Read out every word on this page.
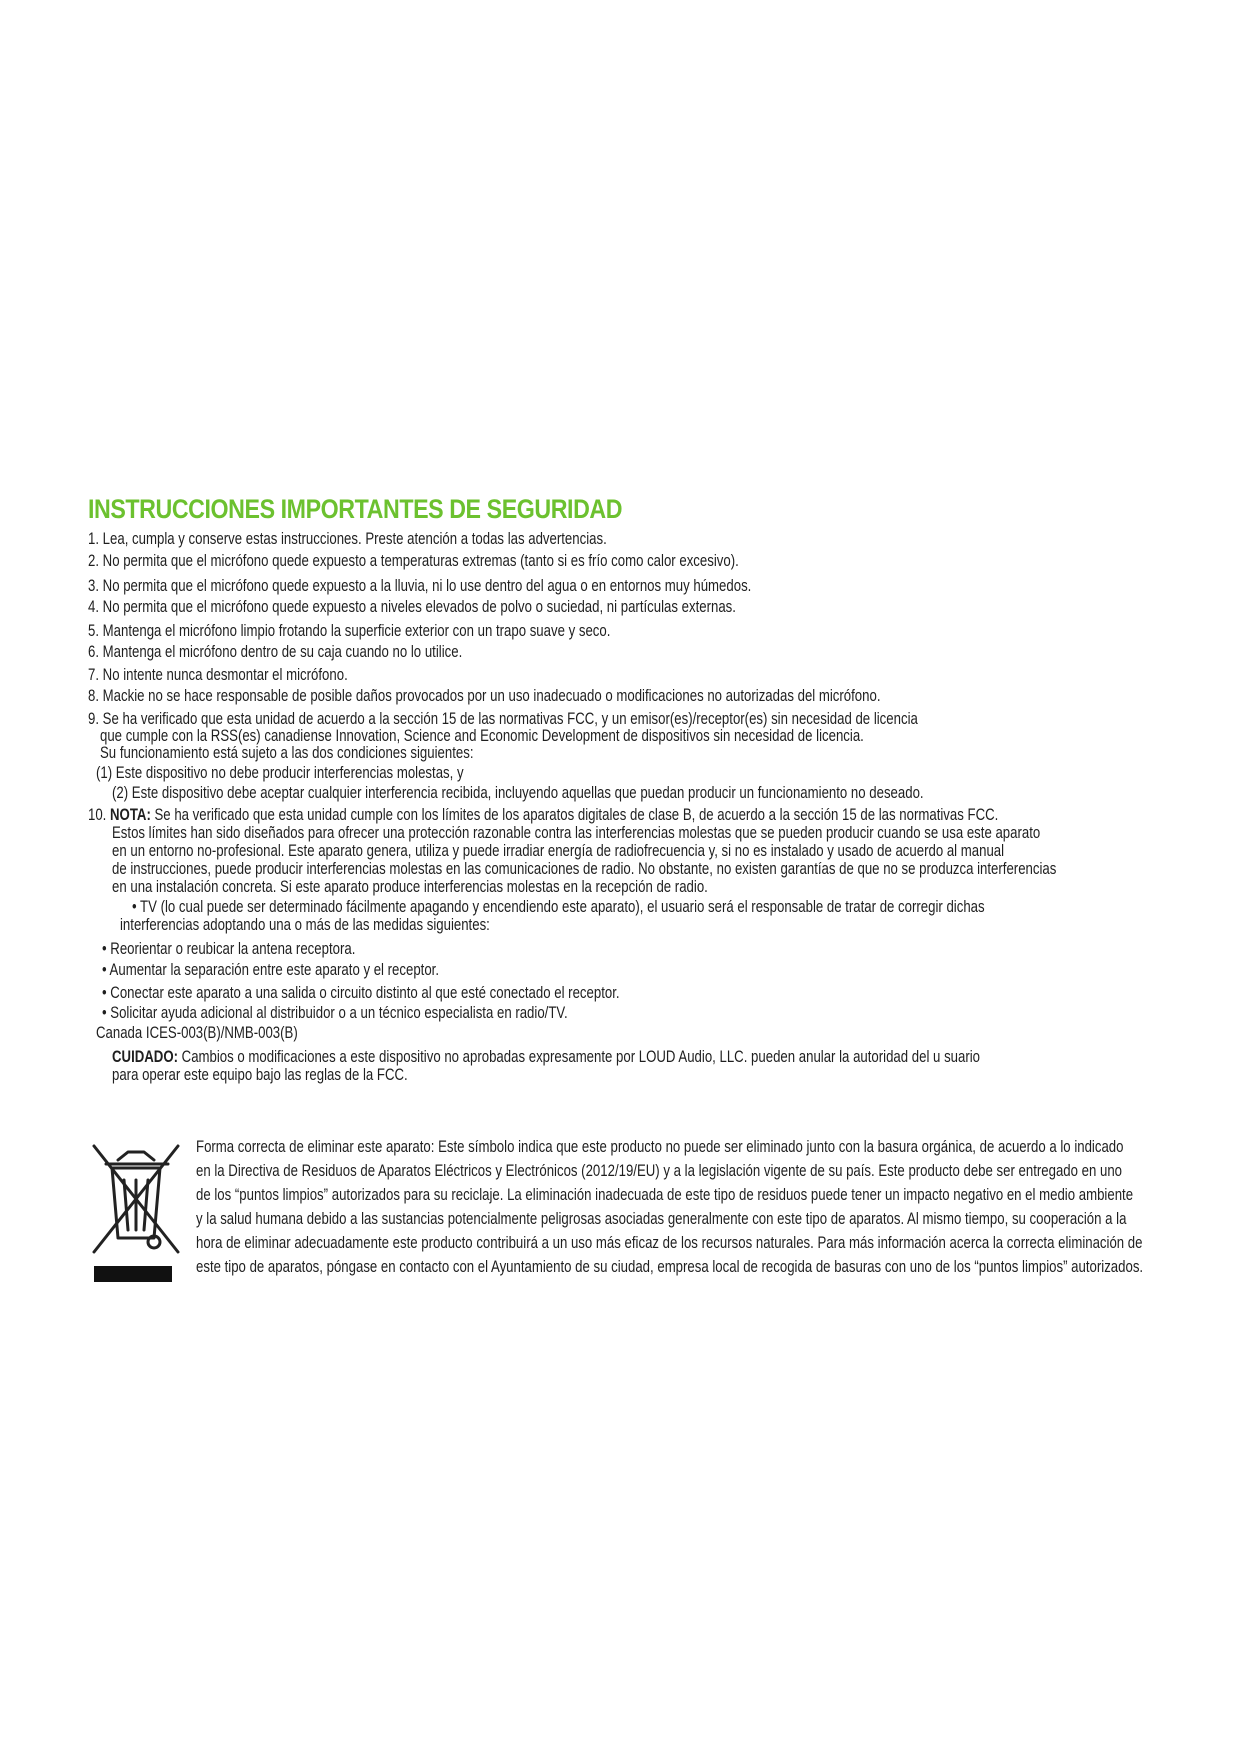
INSTRUCCIONES IMPORTANTES DE SEGURIDAD
1. Lea, cumpla y conserve estas instrucciones. Preste atención a todas las advertencias.
2. No permita que el micrófono quede expuesto a temperaturas extremas (tanto si es frío como calor excesivo).
3. No permita que el micrófono quede expuesto a la lluvia, ni lo use dentro del agua o en entornos muy húmedos.
4. No permita que el micrófono quede expuesto a niveles elevados de polvo o suciedad, ni partículas externas.
5. Mantenga el micrófono limpio frotando la superficie exterior con un trapo suave y seco.
6. Mantenga el micrófono dentro de su caja cuando no lo utilice.
7. No intente nunca desmontar el micrófono.
8. Mackie no se hace responsable de posible daños provocados por un uso inadecuado o modificaciones no autorizadas del micrófono.
9. Se ha verificado que esta unidad de acuerdo a la sección 15 de las normativas FCC, y un emisor(es)/receptor(es) sin necesidad de licencia
que cumple con la RSS(es) canadiense Innovation, Science and Economic Development de dispositivos sin necesidad de licencia.
Su funcionamiento está sujeto a las dos condiciones siguientes:
(1) Este dispositivo no debe producir interferencias molestas, y
(2) Este dispositivo debe aceptar cualquier interferencia recibida, incluyendo aquellas que puedan producir un funcionamiento no deseado.
10. NOTA: Se ha verificado que esta unidad cumple con los límites de los aparatos digitales de clase B, de acuerdo a la sección 15 de las normativas FCC.
Estos límites han sido diseñados para ofrecer una protección razonable contra las interferencias molestas que se pueden producir cuando se usa este aparato
en un entorno no-profesional. Este aparato genera, utiliza y puede irradiar energía de radiofrecuencia y, si no es instalado y usado de acuerdo al manual
de instrucciones, puede producir interferencias molestas en las comunicaciones de radio. No obstante, no existen garantías de que no se produzca interferencias
en una instalación concreta. Si este aparato produce interferencias molestas en la recepción de radio.
• TV (lo cual puede ser determinado fácilmente apagando y encendiendo este aparato), el usuario será el responsable de tratar de corregir dichas
interferencias adoptando una o más de las medidas siguientes:
• Reorientar o reubicar la antena receptora.
• Aumentar la separación entre este aparato y el receptor.
• Conectar este aparato a una salida o circuito distinto al que esté conectado el receptor.
• Solicitar ayuda adicional al distribuidor o a un técnico especialista en radio/TV.
Canada ICES-003(B)/NMB-003(B)
CUIDADO: Cambios o modificaciones a este dispositivo no aprobadas expresamente por LOUD Audio, LLC. pueden anular la autoridad del u suario
para operar este equipo bajo las reglas de la FCC.
Forma correcta de eliminar este aparato: Este símbolo indica que este producto no puede ser eliminado junto con la basura orgánica, de acuerdo a lo indicado
en la Directiva de Residuos de Aparatos Eléctricos y Electrónicos (2012/19/EU) y a la legislación vigente de su país. Este producto debe ser entregado en uno
de los “puntos limpios” autorizados para su reciclaje. La eliminación inadecuada de este tipo de residuos puede tener un impacto negativo en el medio ambiente
y la salud humana debido a las sustancias potencialmente peligrosas asociadas generalmente con este tipo de aparatos. Al mismo tiempo, su cooperación a la
hora de eliminar adecuadamente este producto contribuirá a un uso más eficaz de los recursos naturales. Para más información acerca la correcta eliminación de
este tipo de aparatos, póngase en contacto con el Ayuntamiento de su ciudad, empresa local de recogida de basuras con uno de los “puntos limpios” autorizados.
